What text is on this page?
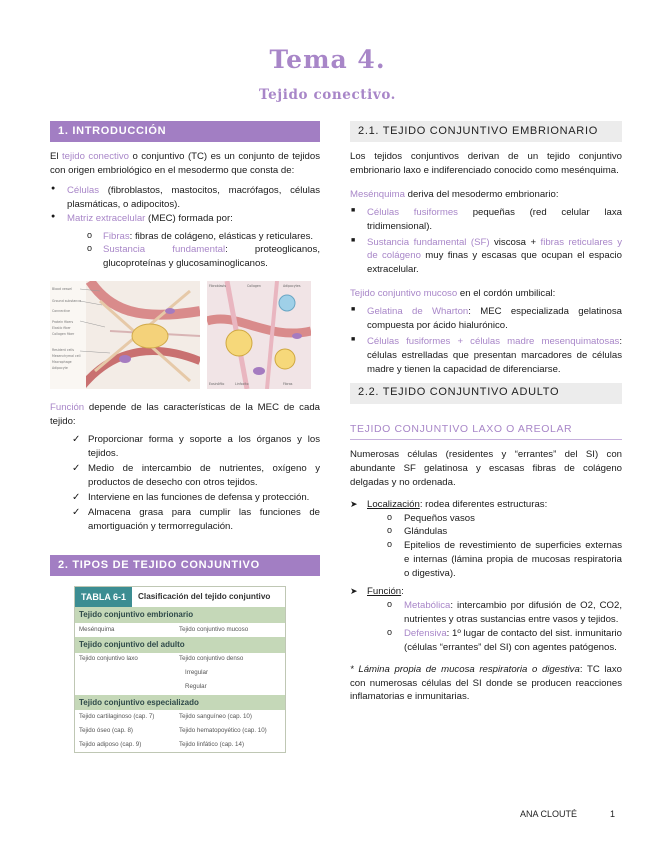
Tema 4.
Tejido conectivo.
1. INTRODUCCIÓN

El tejido conectivo o conjuntivo (TC) es un conjunto de tejidos con origen embriológico en el mesodermo que consta de:

● Células (fibroblastos, mastocitos, macrófagos, células plasmáticas, o adipocitos).
● Matriz extracelular (MEC) formada por:
o Fibras: fibras de colágeno, elásticas y reticulares.
o Sustancia fundamental: proteoglicanos, glucoproteínas y glucosaminoglicanos.
Blood vessel
Ground substance
Connective
Protein fibers
Elastic fiber
Collagen fiber
Resident cells
Mesenchymal cell
Macrophage
Adipocyte
Fibroblasts	Collagen	Adipocytes
Eosinófilo	Linfocito	Fibras

Función depende de las características de la MEC de cada tejido:

✓ Proporcionar forma y soporte a los órganos y los tejidos.
✓ Medio de intercambio de nutrientes, oxígeno y productos de desecho con otros tejidos.
✓ Interviene en las funciones de defensa y protección.
✓ Almacena grasa para cumplir las funciones de amortiguación y termorregulación.
2. TIPOS DE TEJIDO CONJUNTIVO
TABLA 6-1	Clasificación del tejido conjuntivo
Tejido conjuntivo embrionario
Mesénquima	Tejido conjuntivo mucoso
Tejido conjuntivo del adulto
Tejido conjuntivo laxo	Tejido conjuntivo denso
Irregular
Regular
Tejido conjuntivo especializado
Tejido cartilaginoso (cap. 7)	Tejido sanguíneo (cap. 10)
Tejido óseo (cap. 8)	Tejido hematopoyético (cap. 10)
Tejido adiposo (cap. 9)	Tejido linfático (cap. 14)
2.1. TEJIDO CONJUNTIVO EMBRIONARIO

Los tejidos conjuntivos derivan de un tejido conjuntivo embrionario laxo e indiferenciado conocido como mesénquima.

Mesénquima deriva del mesodermo embrionario:

■ Células fusiformes pequeñas (red celular laxa tridimensional).
■ Sustancia fundamental (SF) viscosa + fibras reticulares y de colágeno muy finas y escasas que ocupan el espacio extracelular.

Tejido conjuntivo mucoso en el cordón umbilical:

■ Gelatina de Wharton: MEC especializada gelatinosa compuesta por ácido hialurónico.
■ Células fusiformes + células madre mesenquimatosas: células estrelladas que presentan marcadores de células madre y tienen la capacidad de diferenciarse.
2.2. TEJIDO CONJUNTIVO ADULTO
TEJIDO CONJUNTIVO LAXO O AREOLAR

Numerosas células (residentes y “errantes” del SI) con abundante SF gelatinosa y escasas fibras de colágeno delgadas y no ordenada.

➤ Localización: rodea diferentes estructuras:
o Pequeños vasos
o Glándulas
o Epitelios de revestimiento de superficies externas e internas (lámina propia de mucosas respiratoria o digestiva).
➤ Función:
o Metabólica: intercambio por difusión de O2, CO2, nutrientes y otras sustancias entre vasos y tejidos.
o Defensiva: 1º lugar de contacto del sist. inmunitario (células “errantes” del SI) con agentes patógenos.

* Lámina propia de mucosa respiratoria o digestiva: TC laxo con numerosas células del SI donde se producen reacciones inflamatorias e inmunitarias.

ANA CLOUTÉ	1
